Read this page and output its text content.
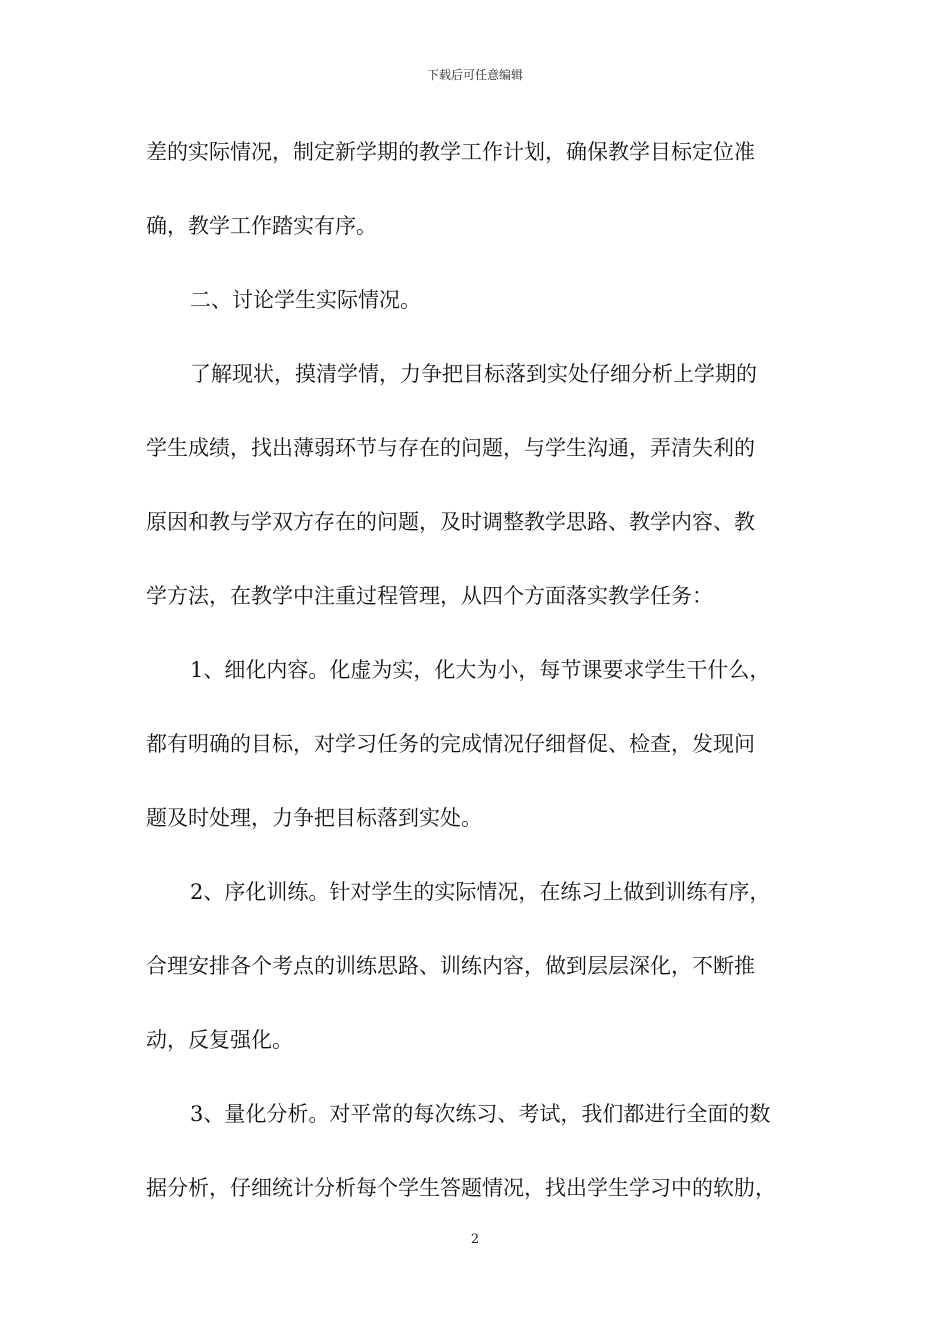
下载后可任意编辑
差的实际情况，制定新学期的教学工作计划，确保教学目标定位准
确，教学工作踏实有序。
二、讨论学生实际情况。
了解现状，摸清学情，力争把目标落到实处仔细分析上学期的
学生成绩，找出薄弱环节与存在的问题，与学生沟通，弄清失利的
原因和教与学双方存在的问题，及时调整教学思路、教学内容、教
学方法，在教学中注重过程管理，从四个方面落实教学任务：
1、细化内容。化虚为实，化大为小，每节课要求学生干什么，
都有明确的目标，对学习任务的完成情况仔细督促、检查，发现问
题及时处理，力争把目标落到实处。
2、序化训练。针对学生的实际情况，在练习上做到训练有序，
合理安排各个考点的训练思路、训练内容，做到层层深化，不断推
动，反复强化。
3、量化分析。对平常的每次练习、考试，我们都进行全面的数
据分析，仔细统计分析每个学生答题情况，找出学生学习中的软肋，
2
